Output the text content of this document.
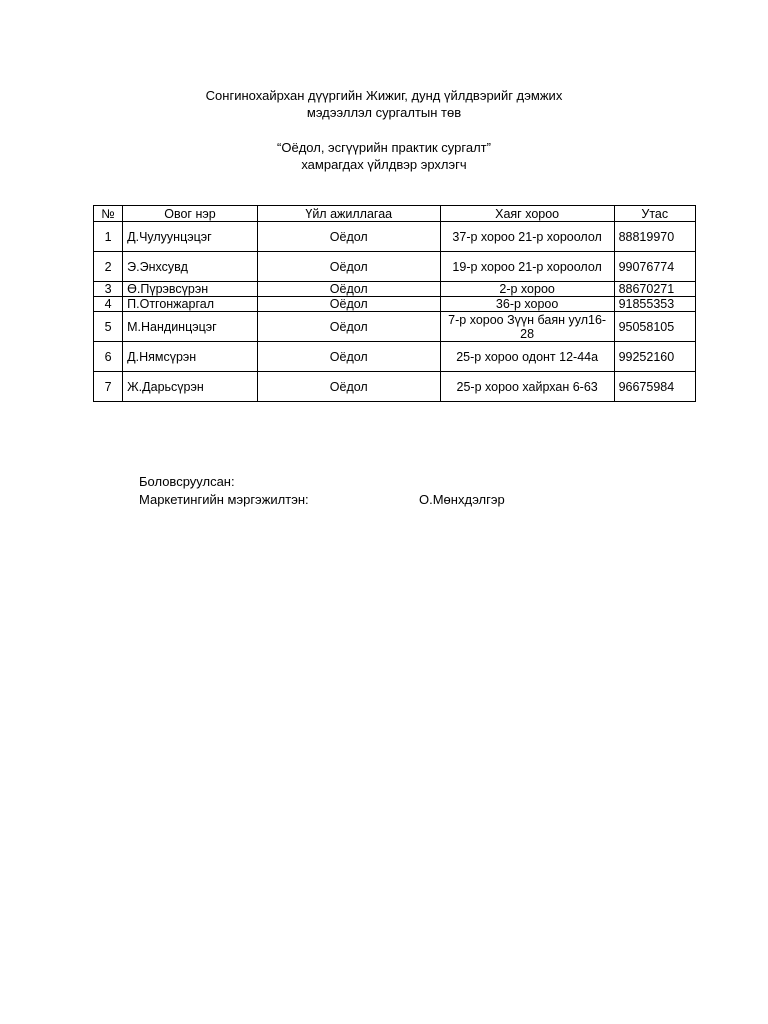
Сонгинохайрхан дүүргийн Жижиг, дунд үйлдвэрийг дэмжих
мэдээллэл сургалтын төв
“Оёдол, эсгүүрийн практик сургалт”
хамрагдах үйлдвэр эрхлэгч
№	Овог нэр	Үйл ажиллагаа	Хаяг хороо	Утас
1	Д.Чулуунцэцэг	Оёдол	37-р хороо 21-р хороолол	88819970
2	Э.Энхсувд	Оёдол	19-р хороо 21-р хороолол	99076774
3	Ө.Пүрэвсүрэн	Оёдол	2-р хороо	88670271
4	П.Отгонжаргал	Оёдол	36-р хороо	91855353
5	М.Нандинцэцэг	Оёдол	7-р хороо Зүүн баян уул16-28	95058105
6	Д.Нямсүрэн	Оёдол	25-р хороо одонт 12-44а	99252160
7	Ж.Дарьсүрэн	Оёдол	25-р хороо хайрхан 6-63	96675984
Боловсруулсан:
Маркетингийн мэргэжилтэн:	О.Мөнхдэлгэр
